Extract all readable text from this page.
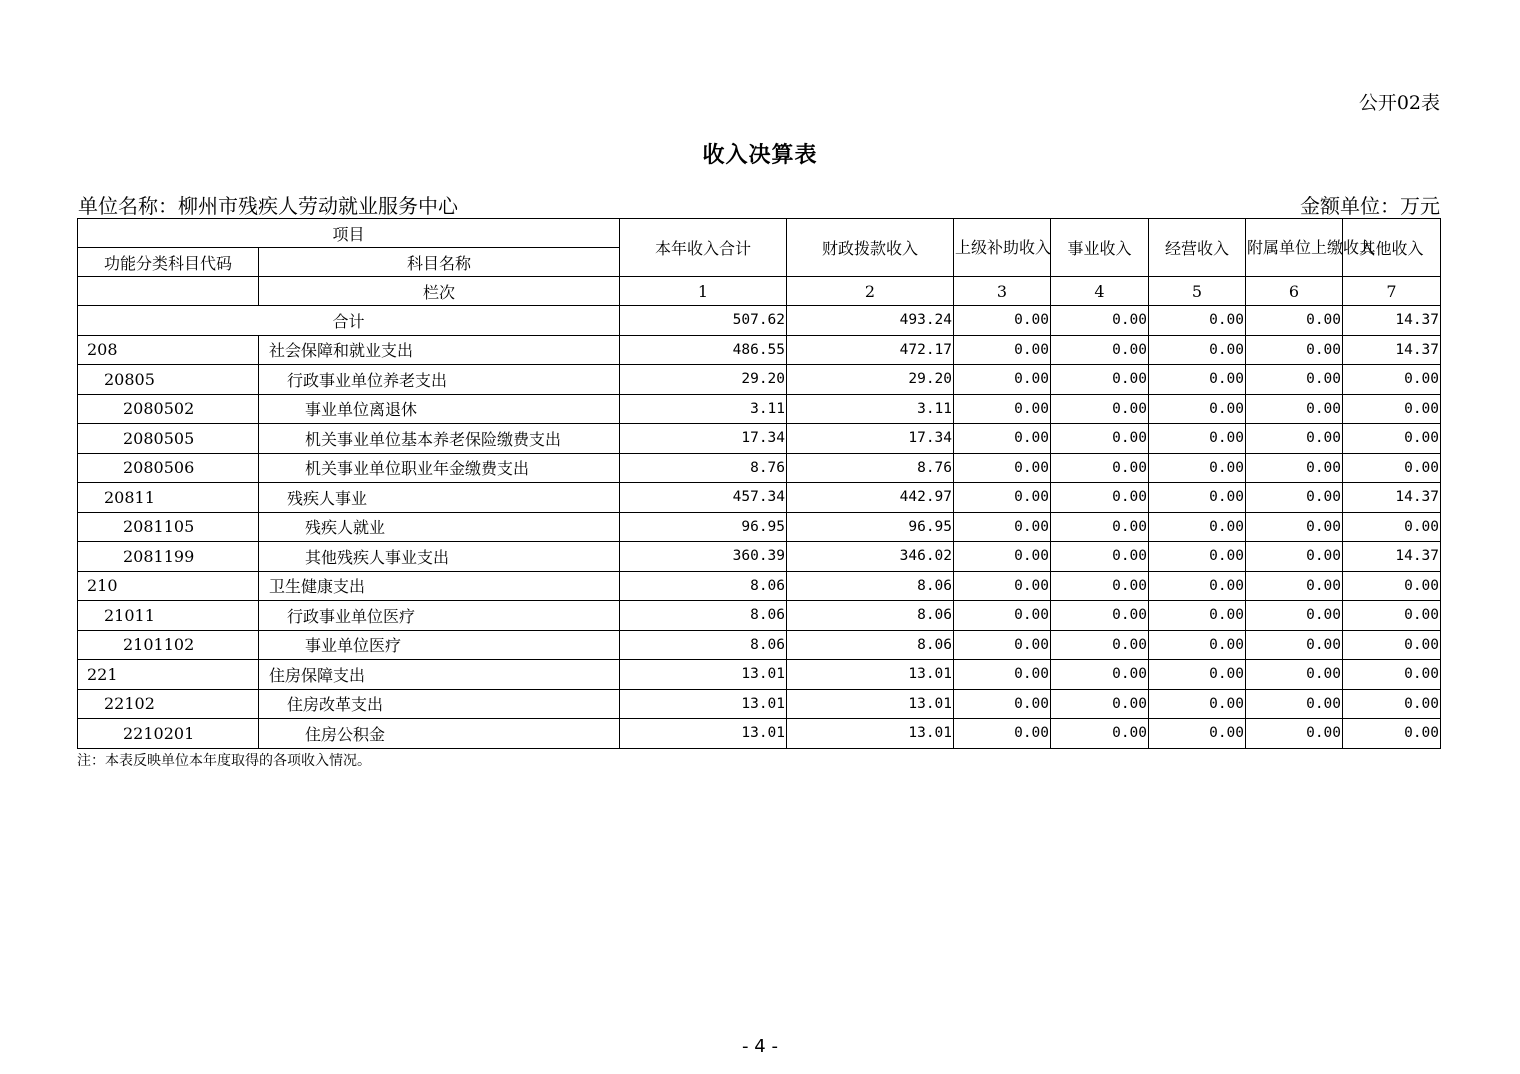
公开02表
收入决算表
单位名称：柳州市残疾人劳动就业服务中心	金额单位：万元
项目		本年收入合计	财政拨款收入	上级补助收入	事业收入	经营收入	附属单位上缴收入	其他收入
功能分类科目代码	科目名称							
	栏次	1	2	3	4	5	6	7
合计		507.62	493.24	0.00	0.00	0.00	0.00	14.37
208	社会保障和就业支出	486.55	472.17	0.00	0.00	0.00	0.00	14.37
20805	行政事业单位养老支出	29.20	29.20	0.00	0.00	0.00	0.00	0.00
2080502	事业单位离退休	3.11	3.11	0.00	0.00	0.00	0.00	0.00
2080505	机关事业单位基本养老保险缴费支出	17.34	17.34	0.00	0.00	0.00	0.00	0.00
2080506	机关事业单位职业年金缴费支出	8.76	8.76	0.00	0.00	0.00	0.00	0.00
20811	残疾人事业	457.34	442.97	0.00	0.00	0.00	0.00	14.37
2081105	残疾人就业	96.95	96.95	0.00	0.00	0.00	0.00	0.00
2081199	其他残疾人事业支出	360.39	346.02	0.00	0.00	0.00	0.00	14.37
210	卫生健康支出	8.06	8.06	0.00	0.00	0.00	0.00	0.00
21011	行政事业单位医疗	8.06	8.06	0.00	0.00	0.00	0.00	0.00
2101102	事业单位医疗	8.06	8.06	0.00	0.00	0.00	0.00	0.00
221	住房保障支出	13.01	13.01	0.00	0.00	0.00	0.00	0.00
22102	住房改革支出	13.01	13.01	0.00	0.00	0.00	0.00	0.00
2210201	住房公积金	13.01	13.01	0.00	0.00	0.00	0.00	0.00
注：本表反映单位本年度取得的各项收入情况。
- 4 -
